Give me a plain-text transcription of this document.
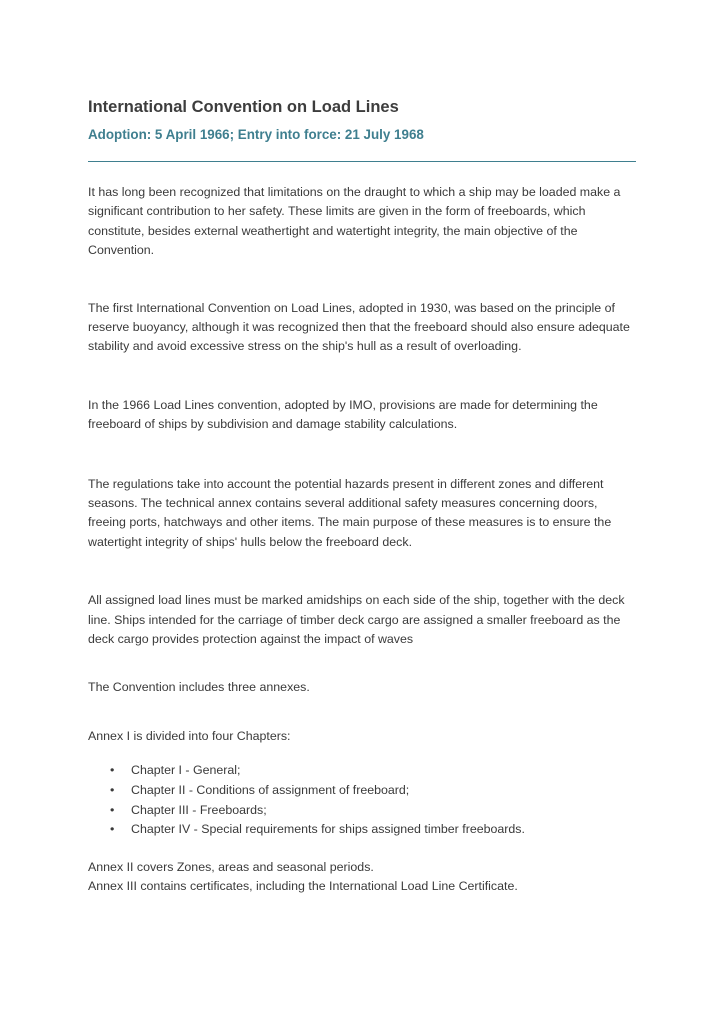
International Convention on Load Lines
Adoption: 5 April 1966; Entry into force: 21 July 1968

It has long been recognized that limitations on the draught to which a ship may be loaded make a significant contribution to her safety. These limits are given in the form of freeboards, which constitute, besides external weathertight and watertight integrity, the main objective of the Convention.

The first International Convention on Load Lines, adopted in 1930, was based on the principle of reserve buoyancy, although it was recognized then that the freeboard should also ensure adequate stability and avoid excessive stress on the ship's hull as a result of overloading.

In the 1966 Load Lines convention, adopted by IMO, provisions are made for determining the freeboard of ships by subdivision and damage stability calculations.

The regulations take into account the potential hazards present in different zones and different seasons. The technical annex contains several additional safety measures concerning doors, freeing ports, hatchways and other items. The main purpose of these measures is to ensure the watertight integrity of ships' hulls below the freeboard deck.

All assigned load lines must be marked amidships on each side of the ship, together with the deck line. Ships intended for the carriage of timber deck cargo are assigned a smaller freeboard as the deck cargo provides protection against the impact of waves

The Convention includes three annexes.

Annex I is divided into four Chapters:

• Chapter I - General;
• Chapter II - Conditions of assignment of freeboard;
• Chapter III - Freeboards;
• Chapter IV - Special requirements for ships assigned timber freeboards.

Annex II covers Zones, areas and seasonal periods.

Annex III contains certificates, including the International Load Line Certificate.
